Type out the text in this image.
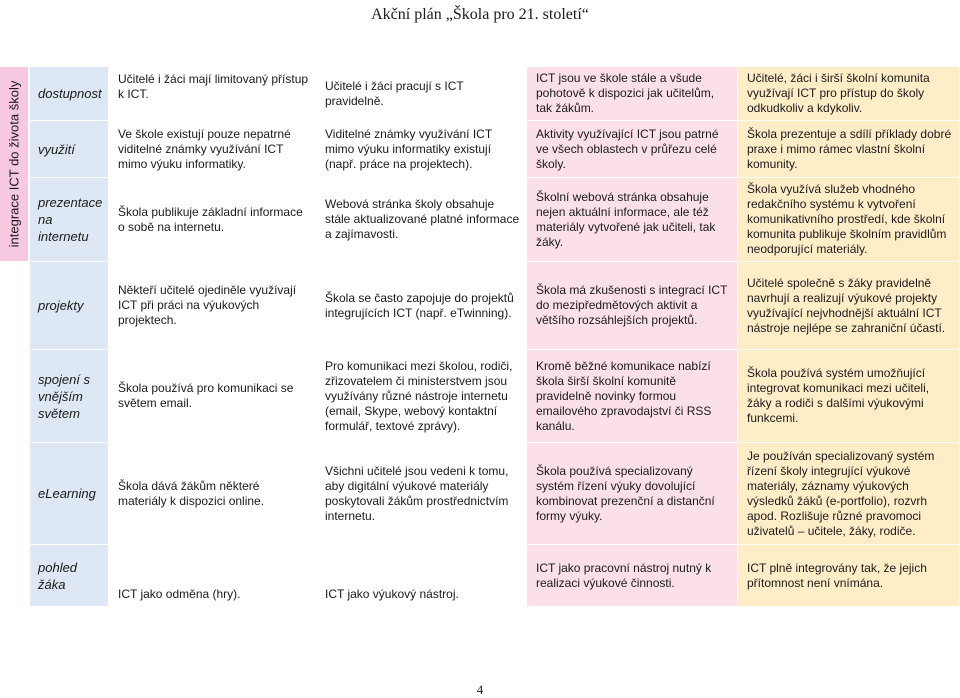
Akční plán „Škola pro 21. století“
integrace ICT do života školy	dostupnost
Učitelé i žáci mají limitovaný přístup k ICT.
Učitelé i žáci pracují s ICT pravidelně.
ICT jsou ve škole stále a všude pohotově k dispozici jak učitelům, tak žákům.
Učitelé, žáci i širší školní komunita využívají ICT pro přístup do školy odkudkoliv a kdykoliv.
využití
Ve škole existují pouze nepatrné viditelné známky využívání ICT mimo výuku informatiky.
Viditelné známky využívání ICT mimo výuku informatiky existují (např. práce na projektech).
Aktivity využívající ICT jsou patrné ve všech oblastech v průřezu celé školy.
Škola prezentuje a sdílí příklady dobré praxe i mimo rámec vlastní školní komunity.
prezentace na internetu
Škola publikuje základní informace o sobě na internetu.
Webová stránka školy obsahuje stále aktualizované platné informace a zajímavosti.
Školní webová stránka obsahuje nejen aktuální informace, ale též materiály vytvořené jak učiteli, tak žáky.
Škola využívá služeb vhodného redakčního systému k vytvoření komunikativního prostředí, kde školní komunita publikuje školním pravidlům neodporující materiály.
projekty
Někteří učitelé ojediněle využívají ICT při práci na výukových projektech.
Škola se často zapojuje do projektů integrujících ICT (např. eTwinning).
Škola má zkušenosti s integrací ICT do mezipředmětových aktivit a většího rozsáhlejších projektů.
Učitelé společně s žáky pravidelně navrhují a realizují výukové projekty využívající nejvhodnější aktuální ICT nástroje nejlépe se zahraniční účastí.
spojení s vnějším světem
Škola používá pro komunikaci se světem email.
Pro komunikaci mezi školou, rodiči, zřizovatelem či ministerstvem jsou využívány různé nástroje internetu (email, Skype, webový kontaktní formulář, textové zprávy).
Kromě běžné komunikace nabízí škola širší školní komunitě pravidelně novinky formou emailového zpravodajství či RSS kanálu.
Škola používá systém umožňující integrovat komunikaci mezi učiteli, žáky a rodiči s dalšími výukovými funkcemi.
eLearning
Škola dává žákům některé materiály k dispozici online.
Všichni učitelé jsou vedeni k tomu, aby digitální výukové materiály poskytovali žákům prostřednictvím internetu.
Škola používá specializovaný systém řízení výuky dovolující kombinovat prezenční a distanční formy výuky.
Je používán specializovaný systém řízení školy integrující výukové materiály, záznamy výukových výsledků žáků (e-portfolio), rozvrh apod. Rozlišuje různé pravomoci uživatelů – učitele, žáky, rodiče.
pohled žáka
ICT jako odměna (hry).	ICT jako výukový nástroj.
ICT jako pracovní nástroj nutný k realizaci výukové činnosti.
ICT plně integrovány tak, že jejich přítomnost není vnímána.
4
